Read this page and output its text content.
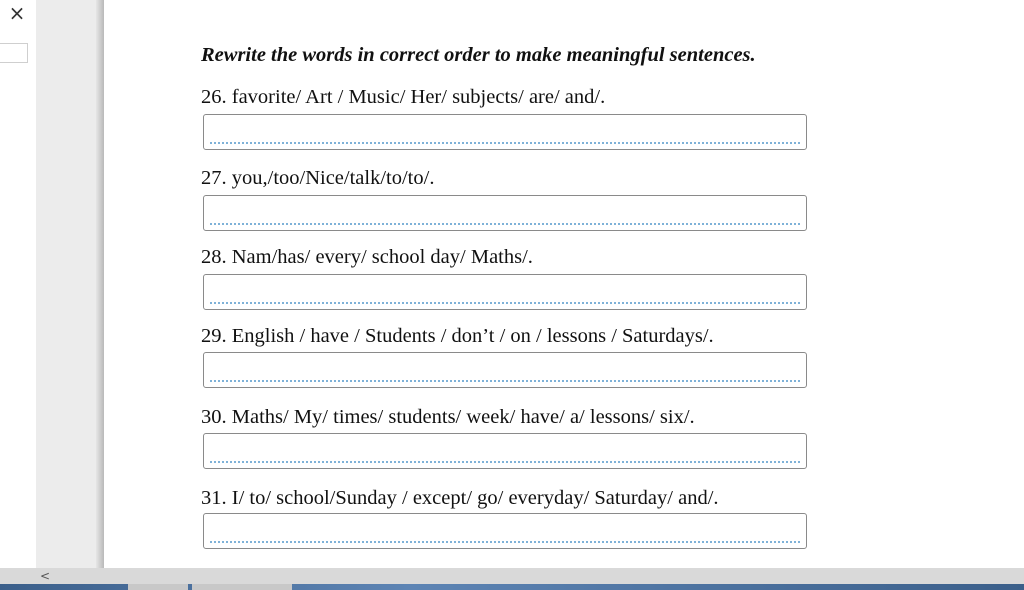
×
Rewrite the words in correct order to make meaningful sentences.
26. favorite/ Art / Music/ Her/ subjects/ are/ and/.
27. you,/too/Nice/talk/to/to/.
28. Nam/has/ every/ school day/ Maths/.
29. English / have / Students / don’t / on / lessons / Saturdays/.
30. Maths/ My/ times/ students/ week/ have/ a/ lessons/ six/.
31. I/ to/ school/Sunday / except/ go/ everyday/ Saturday/ and/.
<
